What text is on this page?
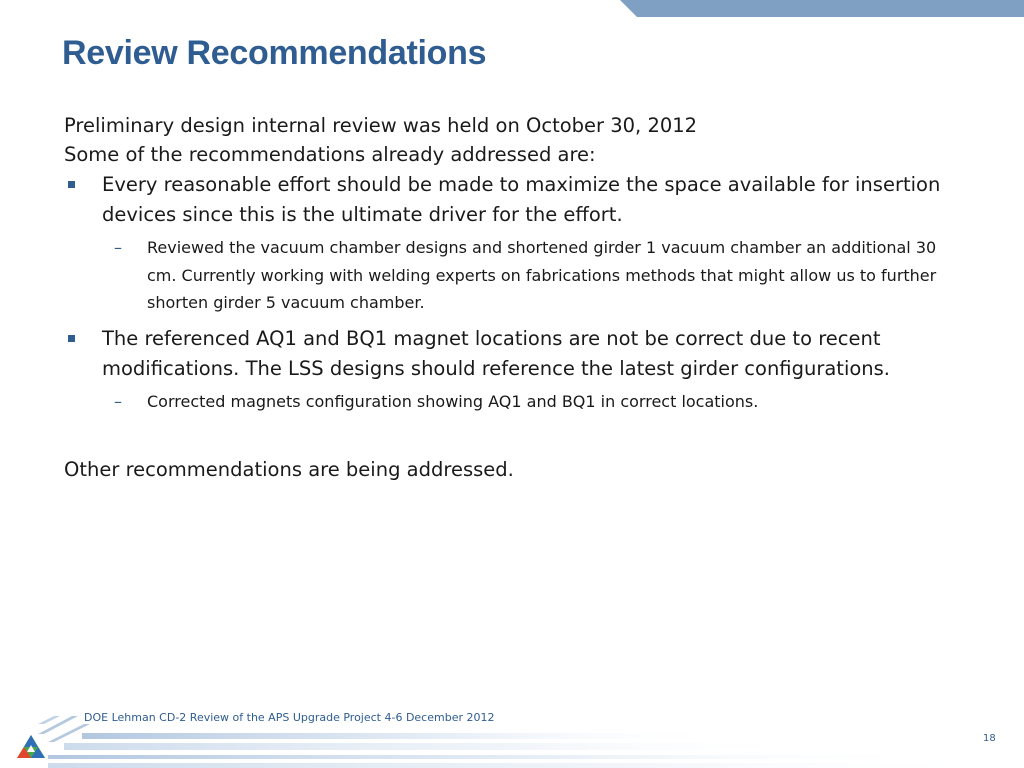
Review Recommendations

Preliminary design internal review was held on October 30, 2012

Some of the recommendations already addressed are:

Every reasonable effort should be made to maximize the space available for insertion devices since this is the ultimate driver for the effort.
– Reviewed the vacuum chamber designs and shortened girder 1 vacuum chamber an additional 30 cm. Currently working with welding experts on fabrications methods that might allow us to further shorten girder 5 vacuum chamber.
The referenced AQ1 and BQ1 magnet locations are not be correct due to recent modifications. The LSS designs should reference the latest girder configurations.
– Corrected magnets configuration showing AQ1 and BQ1 in correct locations.

Other recommendations are being addressed.

DOE Lehman CD-2 Review of the APS Upgrade Project 4-6 December 2012
18
